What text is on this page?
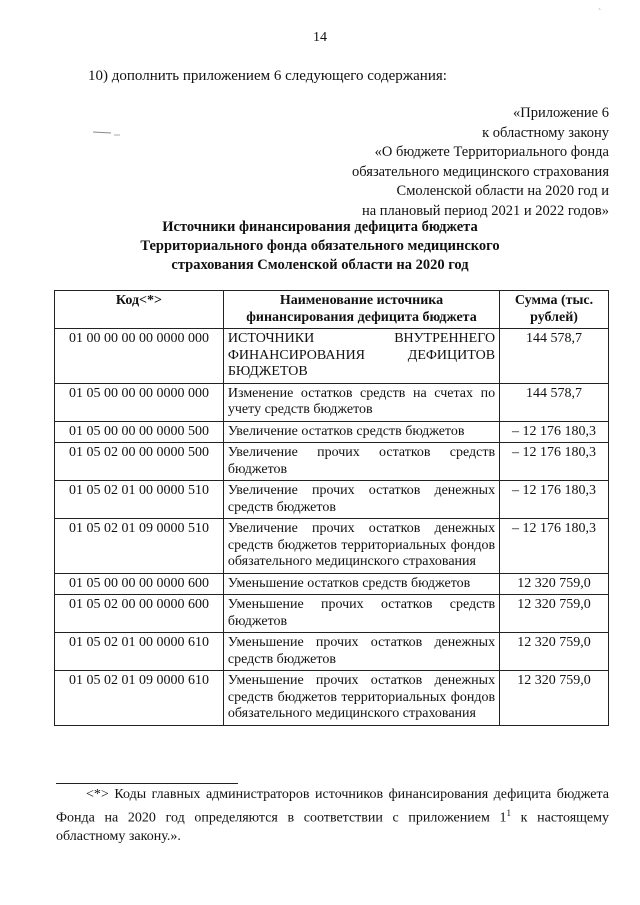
14
`
10) дополнить приложением 6 следующего содержания:
«Приложение 6
к областному закону
«О бюджете Территориального фонда
обязательного медицинского страхования
Смоленской области на 2020 год и
на плановый период 2021 и 2022 годов»
Источники финансирования дефицита бюджета
Территориального фонда обязательного медицинского
страхования Смоленской области на 2020 год
Код<*>	Наименование источника финансирования дефицита бюджета	Сумма (тыс. рублей)
01 00 00 00 00 0000 000	ИСТОЧНИКИ ВНУТРЕННЕГО ФИНАНСИРОВАНИЯ ДЕФИЦИТОВ БЮДЖЕТОВ	144 578,7
01 05 00 00 00 0000 000	Изменение остатков средств на счетах по учету средств бюджетов	144 578,7
01 05 00 00 00 0000 500	Увеличение остатков средств бюджетов	– 12 176 180,3
01 05 02 00 00 0000 500	Увеличение прочих остатков средств бюджетов	– 12 176 180,3
01 05 02 01 00 0000 510	Увеличение прочих остатков денежных средств бюджетов	– 12 176 180,3
01 05 02 01 09 0000 510	Увеличение прочих остатков денежных средств бюджетов территориальных фондов обязательного медицинского страхования	– 12 176 180,3
01 05 00 00 00 0000 600	Уменьшение остатков средств бюджетов	12 320 759,0
01 05 02 00 00 0000 600	Уменьшение прочих остатков средств бюджетов	12 320 759,0
01 05 02 01 00 0000 610	Уменьшение прочих остатков денежных средств бюджетов	12 320 759,0
01 05 02 01 09 0000 610	Уменьшение прочих остатков денежных средств бюджетов территориальных фондов обязательного медицинского страхования	12 320 759,0
<*> Коды главных администраторов источников финансирования дефицита бюджета Фонда на 2020 год определяются в соответствии с приложением $1^1$ к настоящему областному закону.».
